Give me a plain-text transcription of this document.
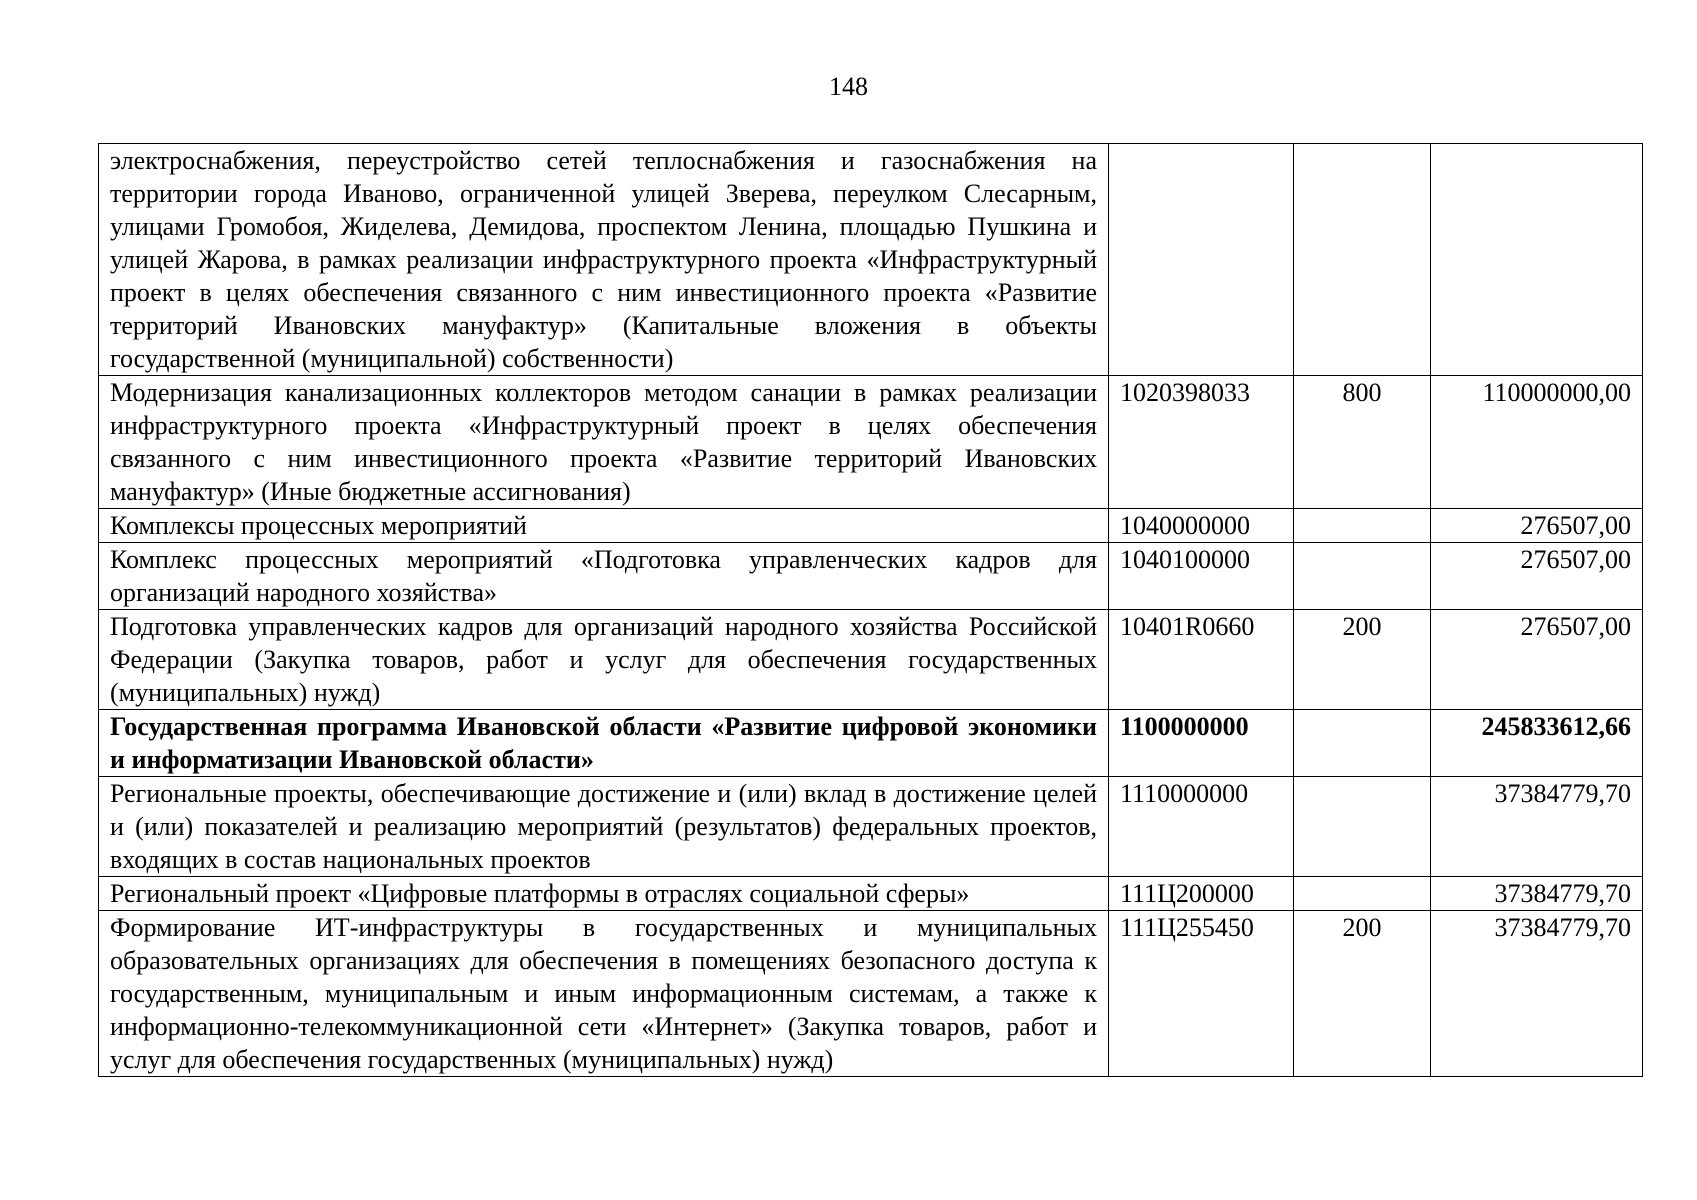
148
электроснабжения, переустройство сетей теплоснабжения и газоснабжения на территории города Иваново, ограниченной улицей Зверева, переулком Слесарным, улицами Громобоя, Жиделева, Демидова, проспектом Ленина, площадью Пушкина и улицей Жарова, в рамках реализации инфраструктурного проекта «Инфраструктурный проект в целях обеспечения связанного с ним инвестиционного проекта «Развитие территорий Ивановских мануфактур» (Капитальные вложения в объекты государственной (муниципальной) собственности)			
Модернизация канализационных коллекторов методом санации в рамках реализации инфраструктурного проекта «Инфраструктурный проект в целях обеспечения связанного с ним инвестиционного проекта «Развитие территорий Ивановских мануфактур» (Иные бюджетные ассигнования)	1020398033	800	110000000,00
Комплексы процессных мероприятий	1040000000		276507,00
Комплекс процессных мероприятий «Подготовка управленческих кадров для организаций народного хозяйства»	1040100000		276507,00
Подготовка управленческих кадров для организаций народного хозяйства Российской Федерации (Закупка товаров, работ и услуг для обеспечения государственных (муниципальных) нужд)	10401R0660	200	276507,00
Государственная программа Ивановской области «Развитие цифровой экономики и информатизации Ивановской области»	1100000000		245833612,66
Региональные проекты, обеспечивающие достижение и (или) вклад в достижение целей и (или) показателей и реализацию мероприятий (результатов) федеральных проектов, входящих в состав национальных проектов	1110000000		37384779,70
Региональный проект «Цифровые платформы в отраслях социальной сферы»	111Ц200000		37384779,70
Формирование ИТ-инфраструктуры в государственных и муниципальных образовательных организациях для обеспечения в помещениях безопасного доступа к государственным, муниципальным и иным информационным системам, а также к информационно-телекоммуникационной сети «Интернет» (Закупка товаров, работ и услуг для обеспечения государственных (муниципальных) нужд)	111Ц255450	200	37384779,70
